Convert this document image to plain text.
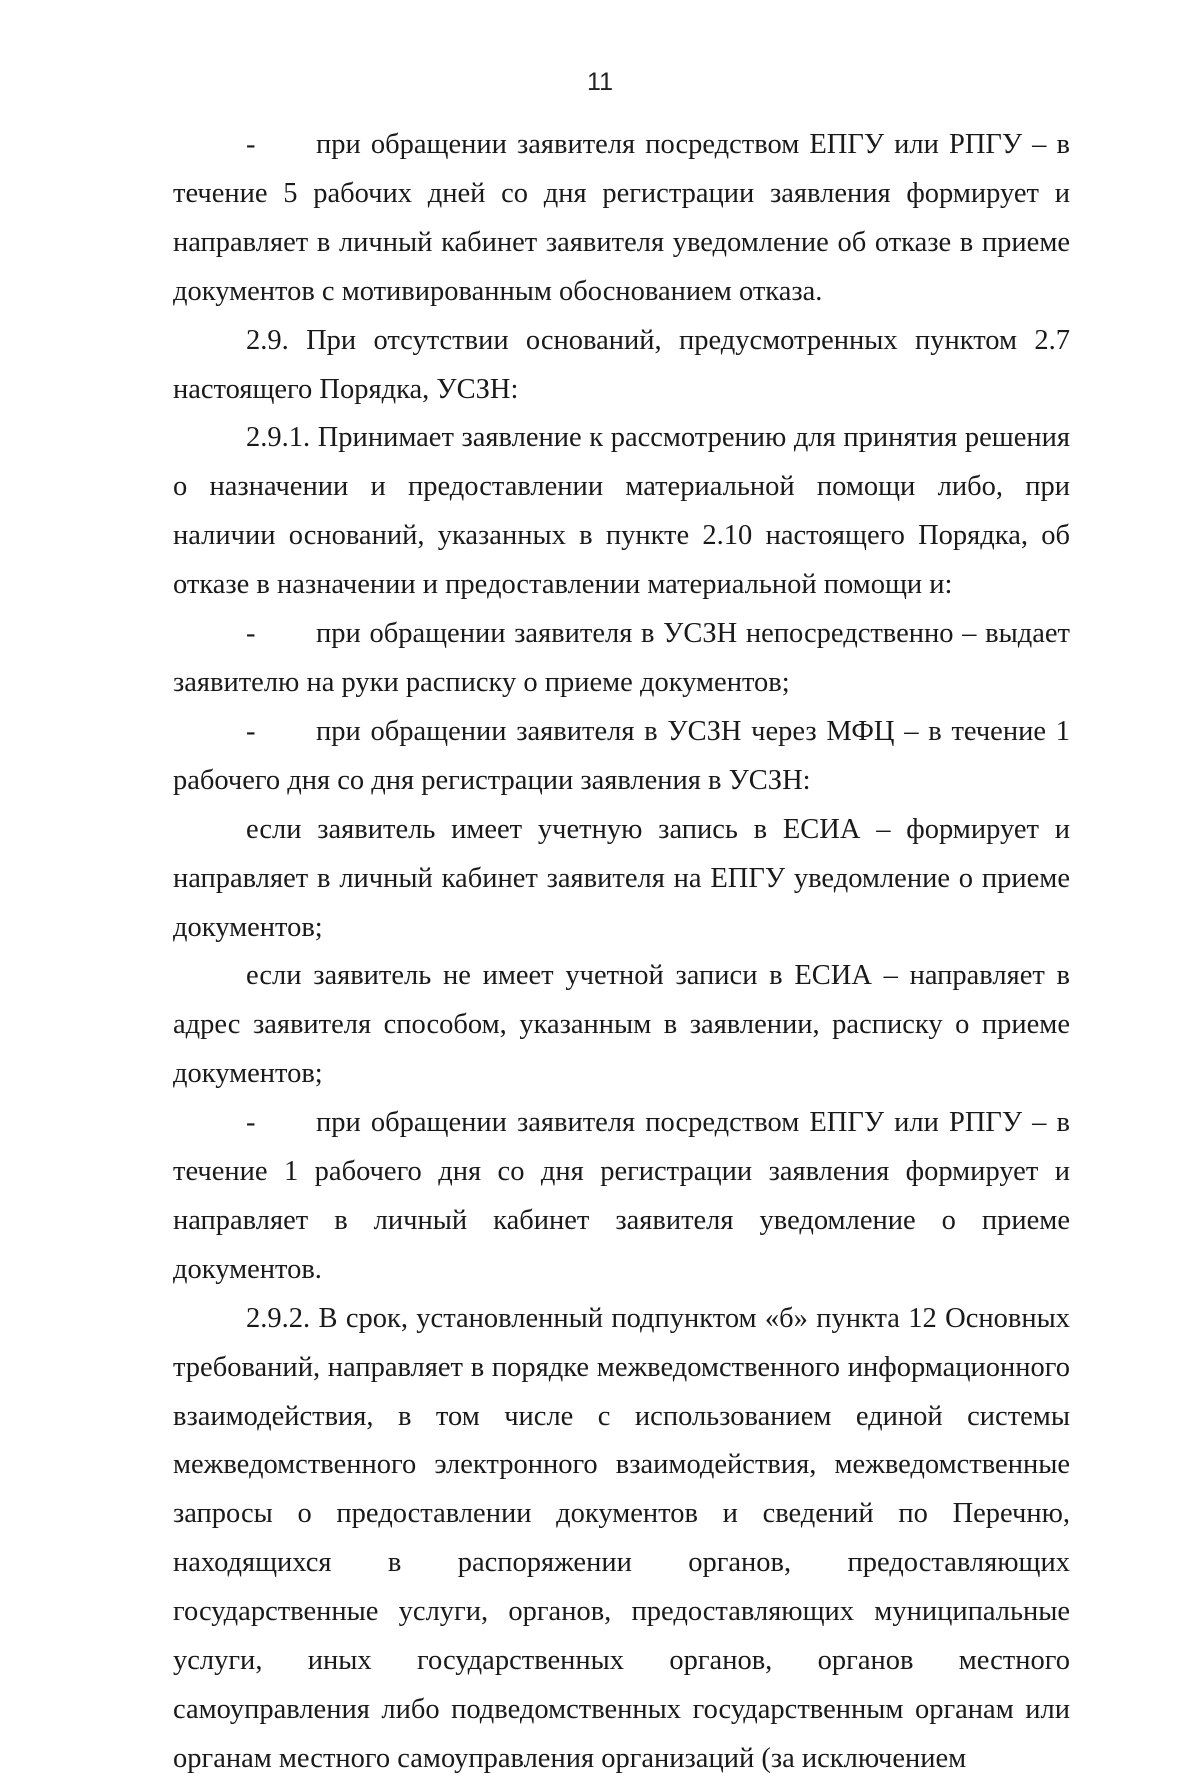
11

- при обращении заявителя посредством ЕПГУ или РПГУ – в течение 5 рабочих дней со дня регистрации заявления формирует и направляет в личный кабинет заявителя уведомление об отказе в приеме документов с мотивированным обоснованием отказа.

2.9. При отсутствии оснований, предусмотренных пунктом 2.7 настоящего Порядка, УСЗН:

2.9.1. Принимает заявление к рассмотрению для принятия решения о назначении и предоставлении материальной помощи либо, при наличии оснований, указанных в пункте 2.10 настоящего Порядка, об отказе в назначении и предоставлении материальной помощи и:

- при обращении заявителя в УСЗН непосредственно – выдает заявителю на руки расписку о приеме документов;

- при обращении заявителя в УСЗН через МФЦ – в течение 1 рабочего дня со дня регистрации заявления в УСЗН:

если заявитель имеет учетную запись в ЕСИА – формирует и направляет в личный кабинет заявителя на ЕПГУ уведомление о приеме документов;

если заявитель не имеет учетной записи в ЕСИА – направляет в адрес заявителя способом, указанным в заявлении, расписку о приеме документов;

- при обращении заявителя посредством ЕПГУ или РПГУ – в течение 1 рабочего дня со дня регистрации заявления формирует и направляет в личный кабинет заявителя уведомление о приеме документов.

2.9.2. В срок, установленный подпунктом «б» пункта 12 Основных требований, направляет в порядке межведомственного информационного взаимодействия, в том числе с использованием единой системы межведомственного электронного взаимодействия, межведомственные запросы о предоставлении документов и сведений по Перечню, находящихся в распоряжении органов, предоставляющих государственные услуги, органов, предоставляющих муниципальные услуги, иных государственных органов, органов местного самоуправления либо подведомственных государственным органам или органам местного самоуправления организаций (за исключением
